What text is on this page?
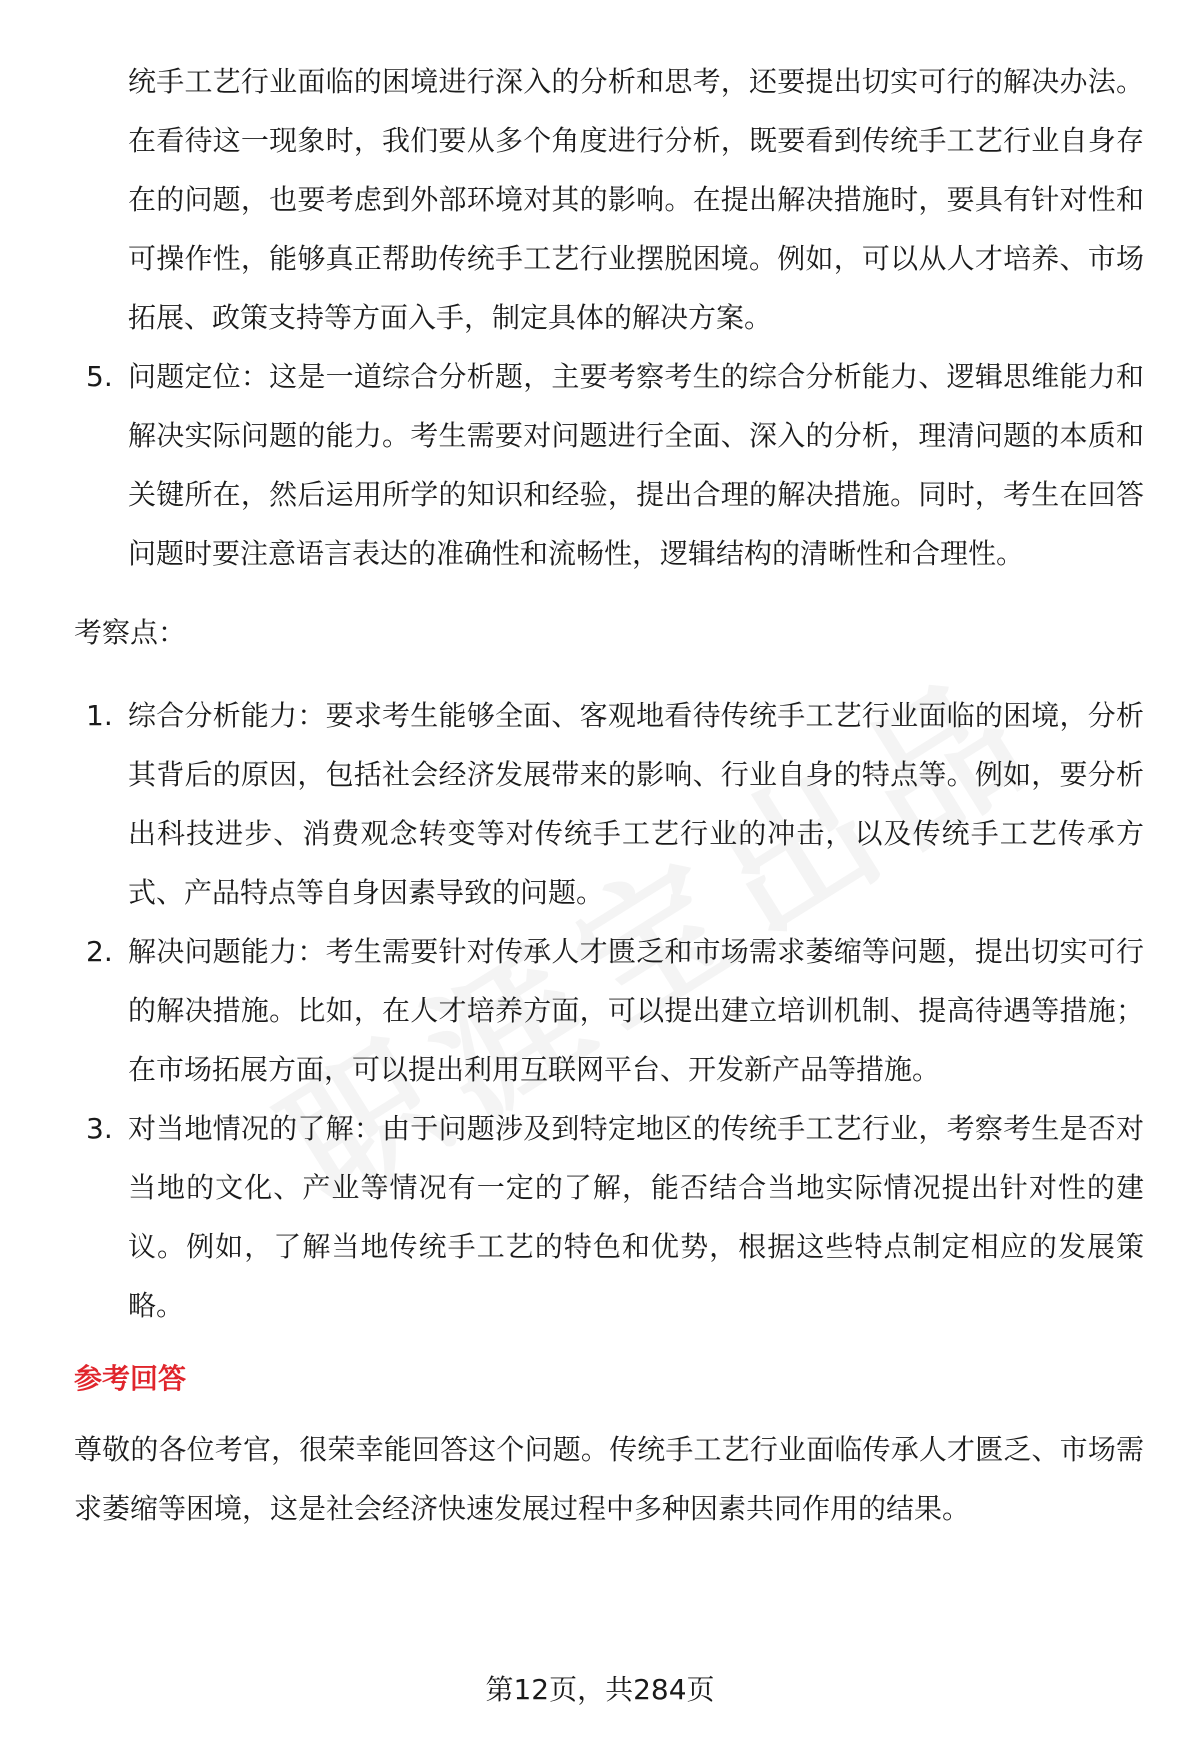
统手工艺行业面临的困境进行深入的分析和思考，还要提出切实可行的解决办法。在看待这一现象时，我们要从多个角度进行分析，既要看到传统手工艺行业自身存在的问题，也要考虑到外部环境对其的影响。在提出解决措施时，要具有针对性和可操作性，能够真正帮助传统手工艺行业摆脱困境。例如，可以从人才培养、市场拓展、政策支持等方面入手，制定具体的解决方案。
5. 问题定位：这是一道综合分析题，主要考察考生的综合分析能力、逻辑思维能力和解决实际问题的能力。考生需要对问题进行全面、深入的分析，理清问题的本质和关键所在，然后运用所学的知识和经验，提出合理的解决措施。同时，考生在回答问题时要注意语言表达的准确性和流畅性，逻辑结构的清晰性和合理性。
考察点：
1. 综合分析能力：要求考生能够全面、客观地看待传统手工艺行业面临的困境，分析其背后的原因，包括社会经济发展带来的影响、行业自身的特点等。例如，要分析出科技进步、消费观念转变等对传统手工艺行业的冲击，以及传统手工艺传承方式、产品特点等自身因素导致的问题。
2. 解决问题能力：考生需要针对传承人才匮乏和市场需求萎缩等问题，提出切实可行的解决措施。比如，在人才培养方面，可以提出建立培训机制、提高待遇等措施；在市场拓展方面，可以提出利用互联网平台、开发新产品等措施。
3. 对当地情况的了解：由于问题涉及到特定地区的传统手工艺行业，考察考生是否对当地的文化、产业等情况有一定的了解，能否结合当地实际情况提出针对性的建议。例如，了解当地传统手工艺的特色和优势，根据这些特点制定相应的发展策略。
参考回答
尊敬的各位考官，很荣幸能回答这个问题。传统手工艺行业面临传承人才匮乏、市场需求萎缩等困境，这是社会经济快速发展过程中多种因素共同作用的结果。
第12页，共284页
